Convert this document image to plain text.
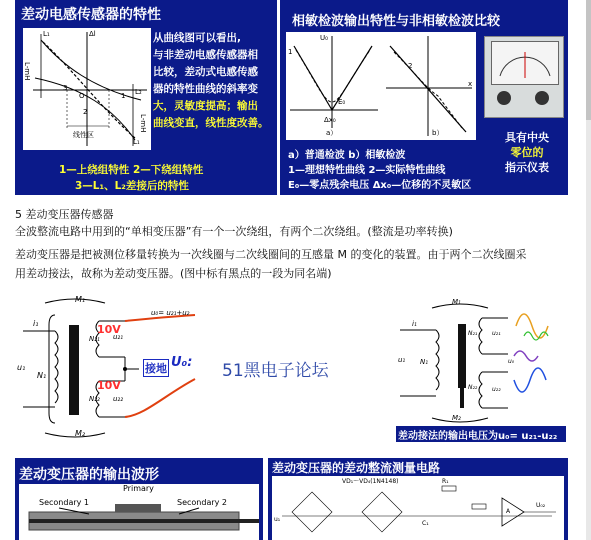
差动电感传感器的特性
L₁	Δl
L-mH
O
3
1
2
L₂
线性区
L-mH
L₁
从曲线图可以看出,
与非差动电感传感器相
比较，差动式电感传感
器的特性曲线的斜率变
大，灵敏度提高；输出
曲线变直，线性度改善。
1—上绕组特性 2—下绕组特性
3—L₁、L₂差接后的特性
相敏检波输出特性与非相敏检波比较
U₀
E₀
Δx₀
1
2
x
a）	b）	具有中央
零位的
指示仪表
a）普通检波 b）相敏检波
1—理想特性曲线 2—实际特性曲线
E₀—零点残余电压 Δx₀—位移的不灵敏区
5 差动变压器传感器
全波整流电路中用到的“单相变压器”有一个一次绕组，有两个二次绕组。(整流是功率转换)
差动变压器是把被测位移量转换为一次线圈与二次线圈间的互感量 M 的变化的装置。由于两个二次线圈采
用差动接法，故称为差动变压器。(图中标有黑点的一段为同名端)
M₁
M₂
i₁
u₁
N₁
10V
10V
N₂₁
N₂₂
u₂₁
u₂₂
u₀= u₂₁+u₂
接地 U₀: 51黑电子论坛
M₁
M₂
i₁
u₁ N₁
N₂₁
N₂₂
u₂₁
u₂₂
u₀
差动接法的输出电压为u₀= u₂₁-u₂₂
差动变压器的输出波形
Primary
Secondary 1	Secondary 2
差动变压器的差动整流测量电路
VD₁～VD₄(1N4148)
u₁
R₁
C₁
A
U₀₂
